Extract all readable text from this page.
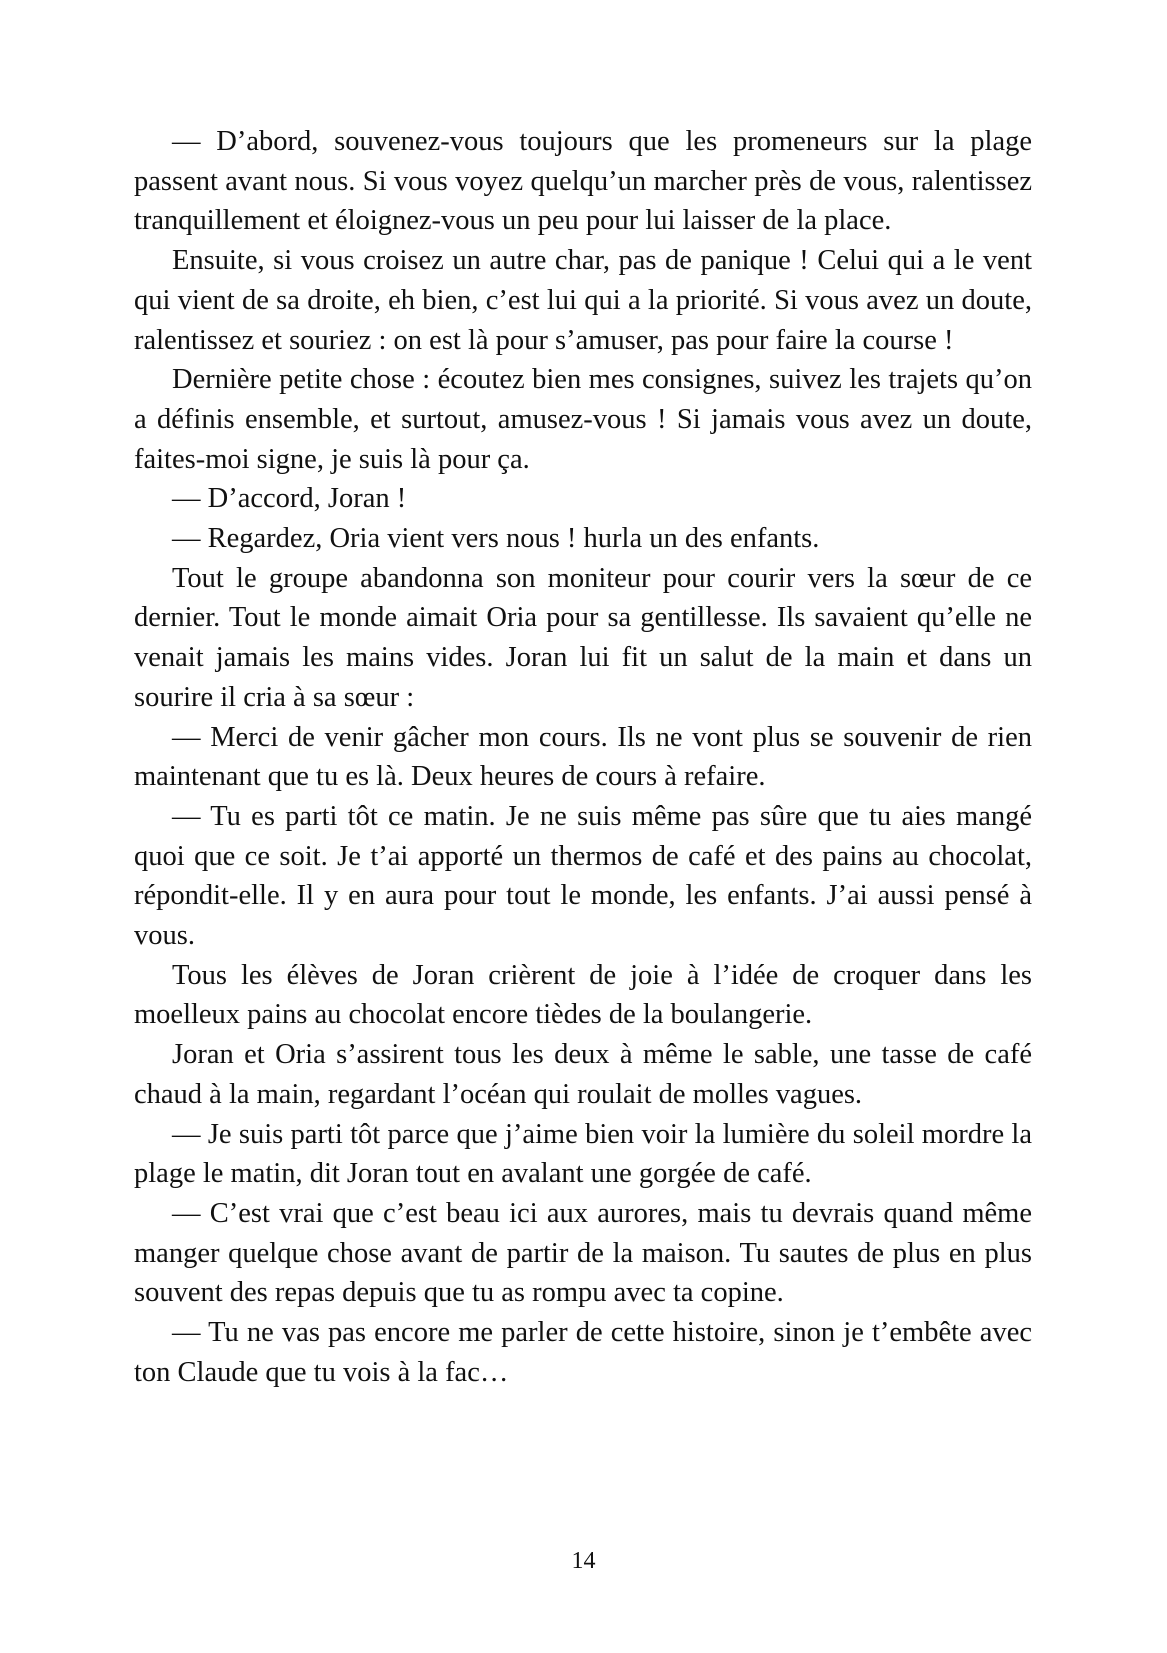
— D’abord, souvenez-vous toujours que les promeneurs sur la plage passent avant nous. Si vous voyez quelqu’un marcher près de vous, ralentissez tranquillement et éloignez-vous un peu pour lui laisser de la place.

Ensuite, si vous croisez un autre char, pas de panique ! Celui qui a le vent qui vient de sa droite, eh bien, c’est lui qui a la priorité. Si vous avez un doute, ralentissez et souriez : on est là pour s’amuser, pas pour faire la course !

Dernière petite chose : écoutez bien mes consignes, suivez les trajets qu’on a définis ensemble, et surtout, amusez-vous ! Si jamais vous avez un doute, faites-moi signe, je suis là pour ça.

— D’accord, Joran !

— Regardez, Oria vient vers nous ! hurla un des enfants.

Tout le groupe abandonna son moniteur pour courir vers la sœur de ce dernier. Tout le monde aimait Oria pour sa gentillesse. Ils savaient qu’elle ne venait jamais les mains vides. Joran lui fit un salut de la main et dans un sourire il cria à sa sœur :

— Merci de venir gâcher mon cours. Ils ne vont plus se souvenir de rien maintenant que tu es là. Deux heures de cours à refaire.

— Tu es parti tôt ce matin. Je ne suis même pas sûre que tu aies mangé quoi que ce soit. Je t’ai apporté un thermos de café et des pains au chocolat, répondit-elle. Il y en aura pour tout le monde, les enfants. J’ai aussi pensé à vous.

Tous les élèves de Joran crièrent de joie à l’idée de croquer dans les moelleux pains au chocolat encore tièdes de la boulangerie.

Joran et Oria s’assirent tous les deux à même le sable, une tasse de café chaud à la main, regardant l’océan qui roulait de molles vagues.

— Je suis parti tôt parce que j’aime bien voir la lumière du soleil mordre la plage le matin, dit Joran tout en avalant une gorgée de café.

— C’est vrai que c’est beau ici aux aurores, mais tu devrais quand même manger quelque chose avant de partir de la maison. Tu sautes de plus en plus souvent des repas depuis que tu as rompu avec ta copine.

— Tu ne vas pas encore me parler de cette histoire, sinon je t’embête avec ton Claude que tu vois à la fac…

14
